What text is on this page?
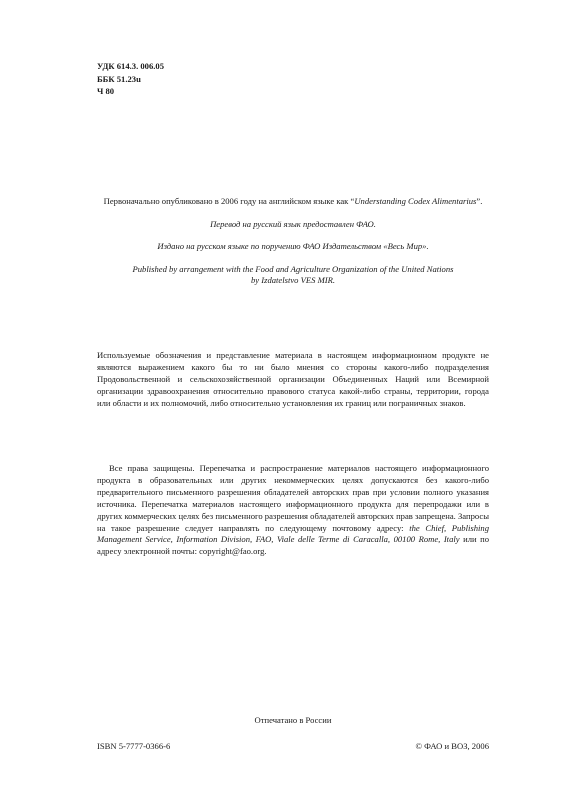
УДК 614.3. 006.05
ББК 51.23u
Ч 80

Первоначально опубликовано в 2006 году на английском языке как “Understanding Codex Alimentarius”.

Перевод на русский язык предоставлен ФАО.

Издано на русском языке по поручению ФАО Издательством «Весь Мир».

Published by arrangement with the Food and Agriculture Organization of the United Nations
by Izdatelstvo VES MIR.

Используемые обозначения и представление материала в настоящем информационном продукте не являются выражением какого бы то ни было мнения со стороны какого-либо подразделения Продовольственной и сельскохозяйственной организации Объединенных Наций или Всемирной организации здравоохранения относительно правового статуса какой-либо страны, территории, города или области и их полномочий, либо относительно установления их границ или пограничных знаков.
Все права защищены. Перепечатка и распространение материалов настоящего информационного продукта в образовательных или других некоммерческих целях допускаются без какого-либо предварительного письменного разрешения обладателей авторских прав при условии полного указания источника. Перепечатка материалов настоящего информационного продукта для перепродажи или в других коммерческих целях без письменного разрешения обладателей авторских прав запрещена. Запросы на такое разрешение следует направлять по следующему почтовому адресу: the Chief, Publishing Management Service, Information Division, FAO, Viale delle Terme di Caracalla, 00100 Rome, Italy или по адресу электронной почты: copyright@fao.org.
Отпечатано в России
ISBN 5-7777-0366-6	© ФАО и ВОЗ, 2006
